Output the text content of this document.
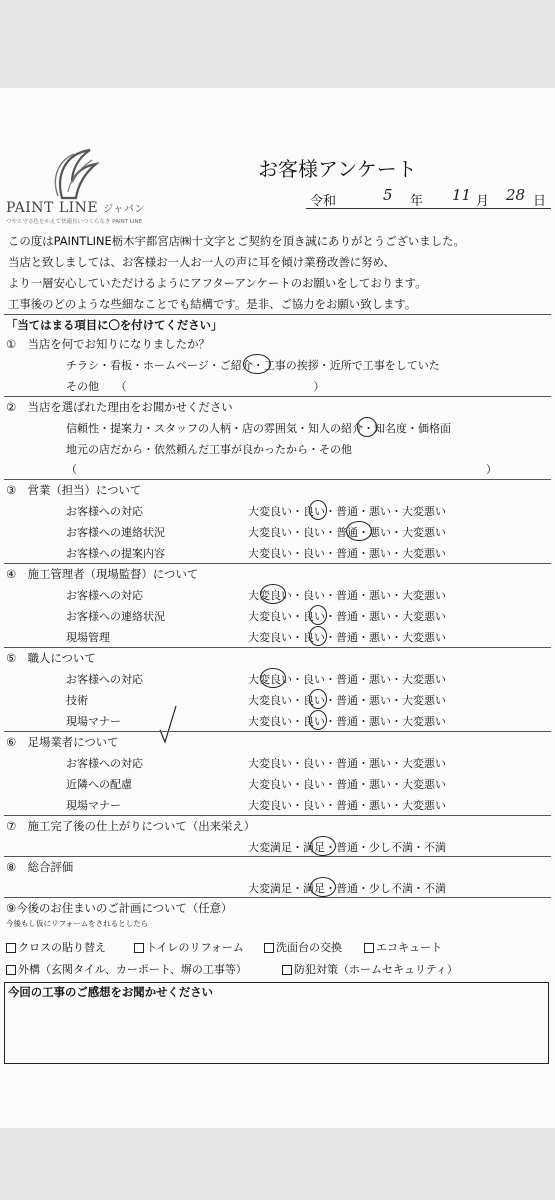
PAINT LINE ジャパン
つやと守る色をかえて快適長いつくらなき PAINT LINE
お客様アンケート
令和	5 年 11 月 28 日
この度はPAINTLINE栃木宇都宮店㈱十文字とご契約を頂き誠にありがとうございました。
当店と致しましては、お客様お一人お一人の声に耳を傾け業務改善に努め、
より一層安心していただけるようにアフターアンケートのお願いをしております。
工事後のどのような些細なことでも結構です。是非、ご協力をお願い致します。
「当てはまる項目に〇を付けてください」
①　当店を何でお知りになりましたか？
チラシ・看板・ホームページ・ご紹介・工事の挨拶・近所で工事をしていた
その他　　（　　　　　　　　　　　　　　　　　）
②　当店を選ばれた理由をお聞かせください
信頼性・提案力・スタッフの人柄・店の雰囲気・知人の紹介・知名度・価格面
地元の店だから・依然頼んだ工事が良かったから・その他
（	）
③　営業（担当）について
お客様への対応	大変良い・良い・普通・悪い・大変悪い
お客様への連絡状況	大変良い・良い・普通・悪い・大変悪い
お客様への提案内容	大変良い・良い・普通・悪い・大変悪い
④　施工管理者（現場監督）について
お客様への対応	大変良い・良い・普通・悪い・大変悪い
お客様への連絡状況	大変良い・良い・普通・悪い・大変悪い
現場管理	大変良い・良い・普通・悪い・大変悪い
⑤　職人について
お客様への対応	大変良い・良い・普通・悪い・大変悪い
技術	大変良い・良い・普通・悪い・大変悪い
現場マナー	大変良い・良い・普通・悪い・大変悪い
⑥　足場業者について
お客様への対応	大変良い・良い・普通・悪い・大変悪い
近隣への配慮	大変良い・良い・普通・悪い・大変悪い
現場マナー	大変良い・良い・普通・悪い・大変悪い
⑦　施工完了後の仕上がりについて（出来栄え）
大変満足・満足・普通・少し不満・不満
⑧　総合評価
大変満足・満足・普通・少し不満・不満
⑨今後のお住まいのご計画について（任意）
今後もし仮にリフォームをされるとしたら
クロスの貼り替え	トイレのリフォーム	洗面台の交換	エコキュート
外構（玄関タイル、カーポート、塀の工事等）	防犯対策（ホームセキュリティ）
今回の工事のご感想をお聞かせください
